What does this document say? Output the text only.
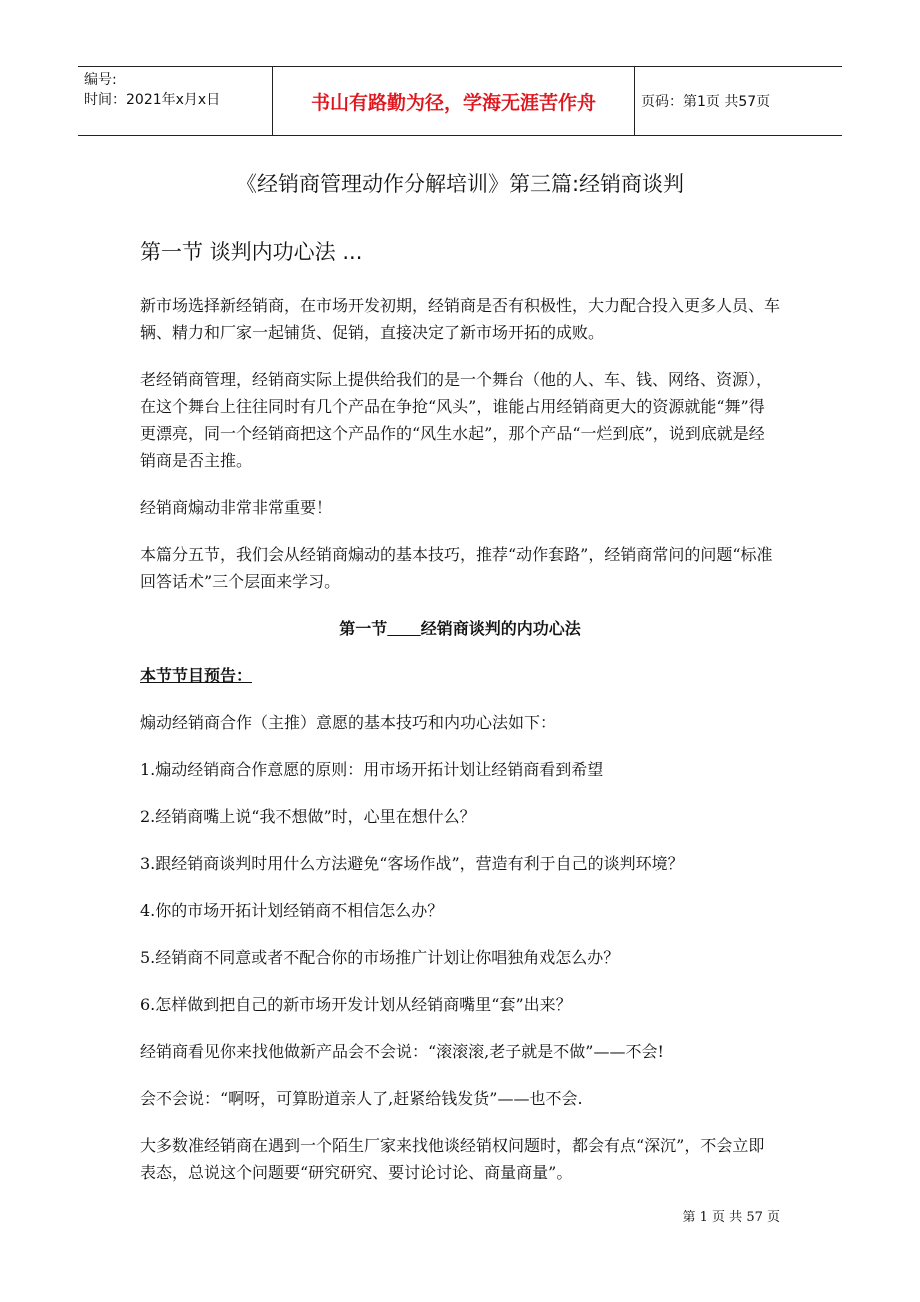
编号:
时间：2021年x月x日	书山有路勤为径，学海无涯苦作舟	页码：第1页 共57页
《经销商管理动作分解培训》第三篇:经销商谈判
第一节 谈判内功心法 ...

新市场选择新经销商，在市场开发初期，经销商是否有积极性，大力配合投入更多人员、车辆、精力和厂家一起铺货、促销，直接决定了新市场开拓的成败。

老经销商管理，经销商实际上提供给我们的是一个舞台（他的人、车、钱、网络、资源），在这个舞台上往往同时有几个产品在争抢“风头”，谁能占用经销商更大的资源就能“舞”得更漂亮，同一个经销商把这个产品作的“风生水起”，那个产品“一烂到底”，说到底就是经销商是否主推。

经销商煽动非常非常重要！

本篇分五节，我们会从经销商煽动的基本技巧，推荐“动作套路”，经销商常问的问题“标准回答话术”三个层面来学习。

第一节 经销商谈判的内功心法

本节节目预告：

煽动经销商合作（主推）意愿的基本技巧和内功心法如下：

1.煽动经销商合作意愿的原则：用市场开拓计划让经销商看到希望

2.经销商嘴上说“我不想做”时，心里在想什么？

3.跟经销商谈判时用什么方法避免“客场作战”，营造有利于自己的谈判环境？

4.你的市场开拓计划经销商不相信怎么办？

5.经销商不同意或者不配合你的市场推广计划让你唱独角戏怎么办？

6.怎样做到把自己的新市场开发计划从经销商嘴里“套”出来？

经销商看见你来找他做新产品会不会说：“滚滚滚,老子就是不做”——不会!

会不会说：“啊呀，可算盼道亲人了,赶紧给钱发货”——也不会.

大多数准经销商在遇到一个陌生厂家来找他谈经销权问题时，都会有点“深沉”，不会立即表态，总说这个问题要“研究研究、要讨论讨论、商量商量”。

第 1 页 共 57 页
